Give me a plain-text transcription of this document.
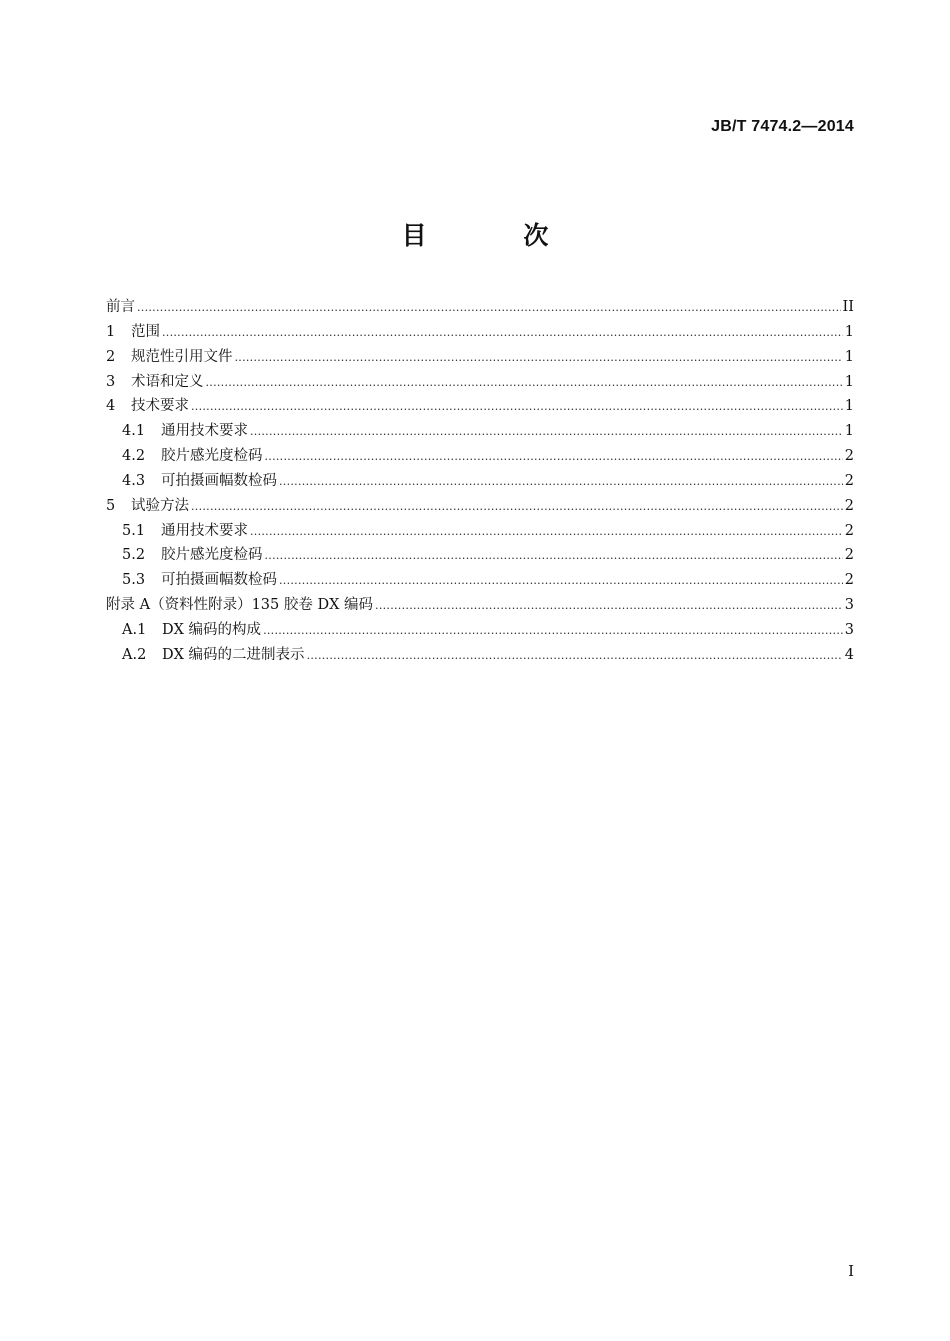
JB/T 7474.2—2014
目 次
前言 .....	II
1	范围 .....	1
2	规范性引用文件 .....	1
3	术语和定义 .....	1
4	技术要求 .....	1
4.1	通用技术要求 .....	1
4.2	胶片感光度检码 .....	2
4.3	可拍摄画幅数检码 .....	2
5	试验方法 .....	2
5.1	通用技术要求 .....	2
5.2	胶片感光度检码 .....	2
5.3	可拍摄画幅数检码 .....	2
附录 A（资料性附录）135 胶卷 DX 编码 .....	3
A.1	DX 编码的构成 .....	3
A.2	DX 编码的二进制表示 .....	4
I
